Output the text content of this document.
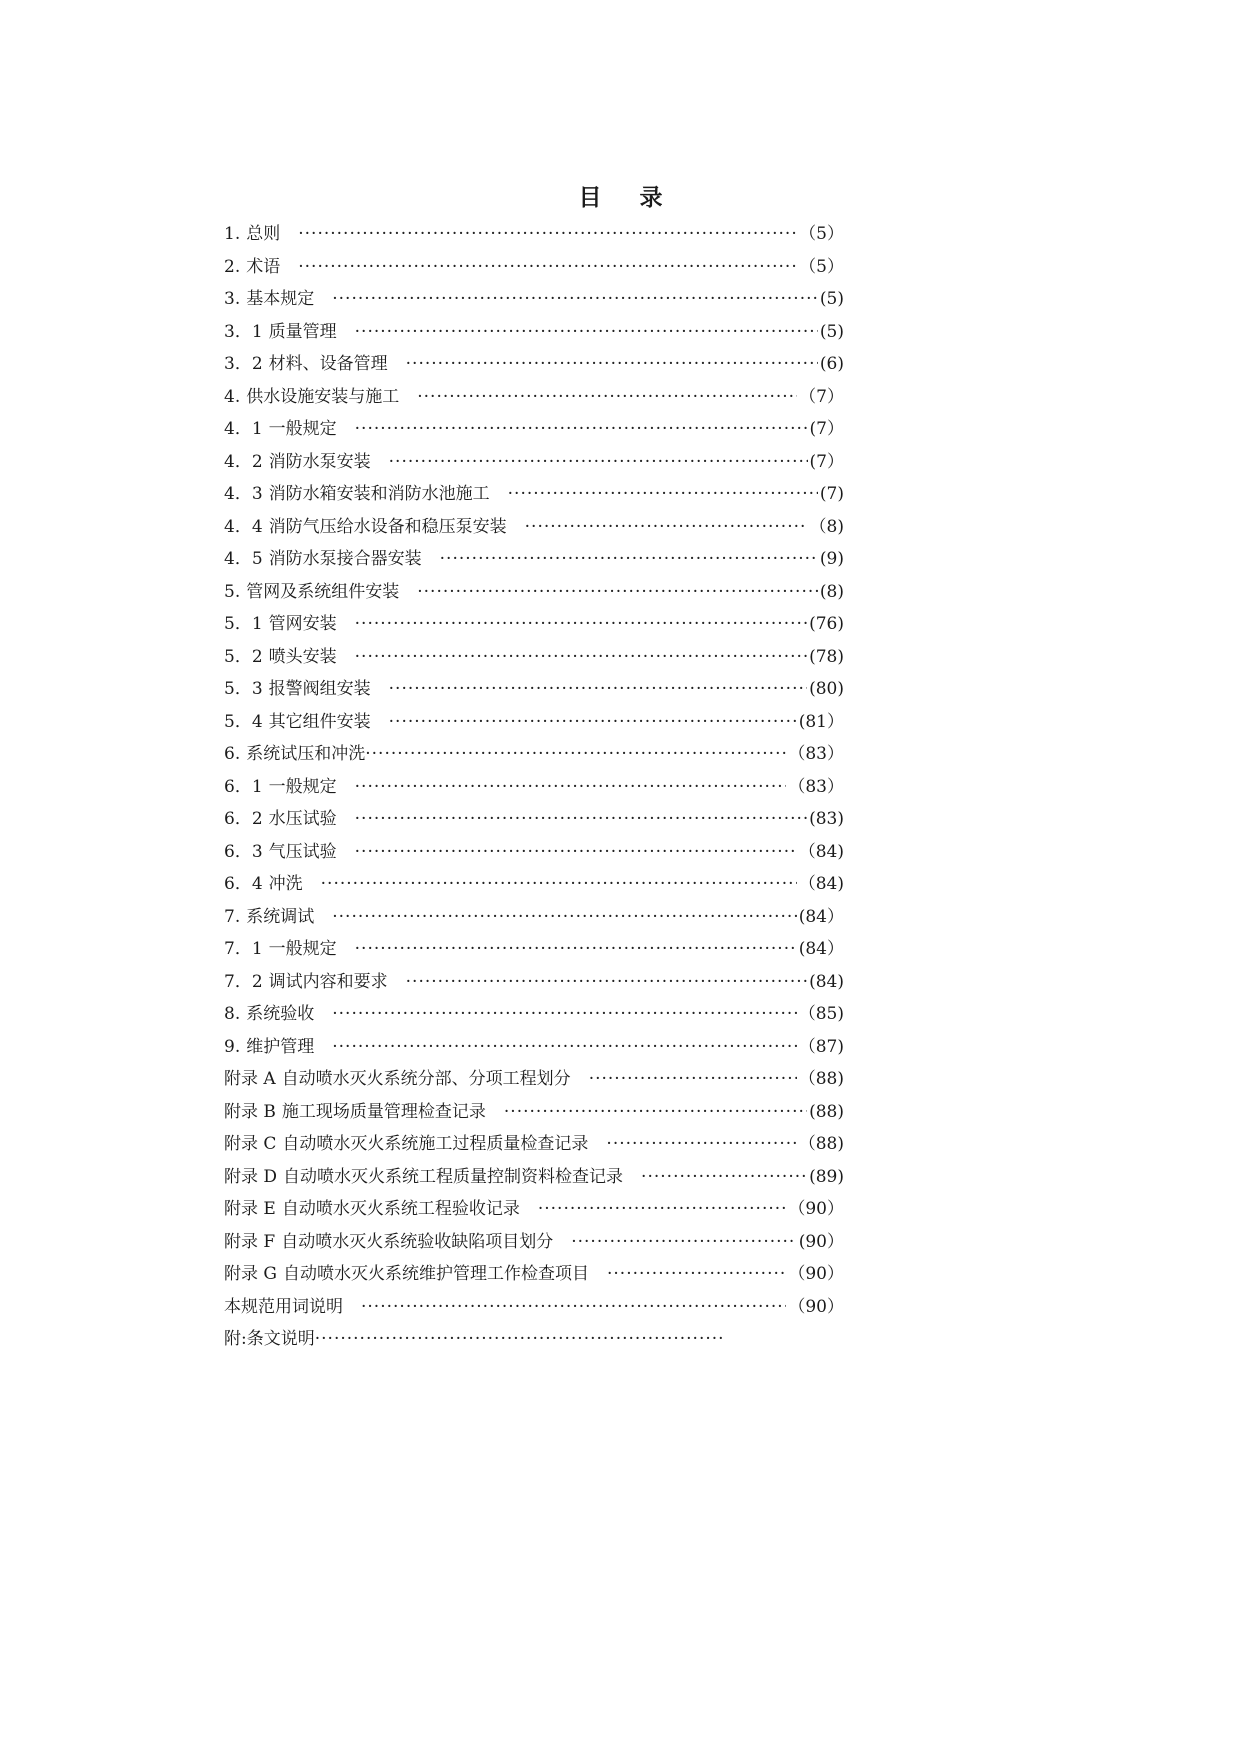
目 录
1. 总则 ·····	（5）
2. 术语 ·····	（5）
3. 基本规定 ·····	(5)
3．1 质量管理 ·····	(5)
3．2 材料、设备管理 ·····	(6)
4. 供水设施安装与施工 ·····	（7）
4．1 一般规定 ·····	(7）
4．2 消防水泵安装 ·····	(7）
4．3 消防水箱安装和消防水池施工 ·····	(7)
4．4 消防气压给水设备和稳压泵安装 ·····	（8)
4．5 消防水泵接合器安装 ·····	(9)
5. 管网及系统组件安装 ·····	(8)
5．1 管网安装 ·····	(76)
5．2 喷头安装 ·····	(78)
5．3 报警阀组安装 ·····	(80)
5．4 其它组件安装 ·····	(81）
6. 系统试压和冲洗 ·····	（83）
6．1 一般规定 ·····	（83）
6．2 水压试验 ·····	(83)
6．3 气压试验 ·····	（84)
6．4 冲洗 ·····	（84)
7. 系统调试 ·····	(84）
7．1 一般规定 ·····	(84）
7．2 调试内容和要求 ·····	(84)
8. 系统验收 ·····	（85)
9. 维护管理 ·····	（87)
附录 A 自动喷水灭火系统分部、分项工程划分 ·····	（88)
附录 B 施工现场质量管理检查记录 ·····	(88)
附录 C 自动喷水灭火系统施工过程质量检查记录 ·····	（88)
附录 D 自动喷水灭火系统工程质量控制资料检查记录 ·····	(89)
附录 E 自动喷水灭火系统工程验收记录 ·····	（90）
附录 F 自动喷水灭火系统验收缺陷项目划分 ·····	(90）
附录 G 自动喷水灭火系统维护管理工作检查项目 ·····	（90）
本规范用词说明 ·····	（90）
附:条文说明
·····
